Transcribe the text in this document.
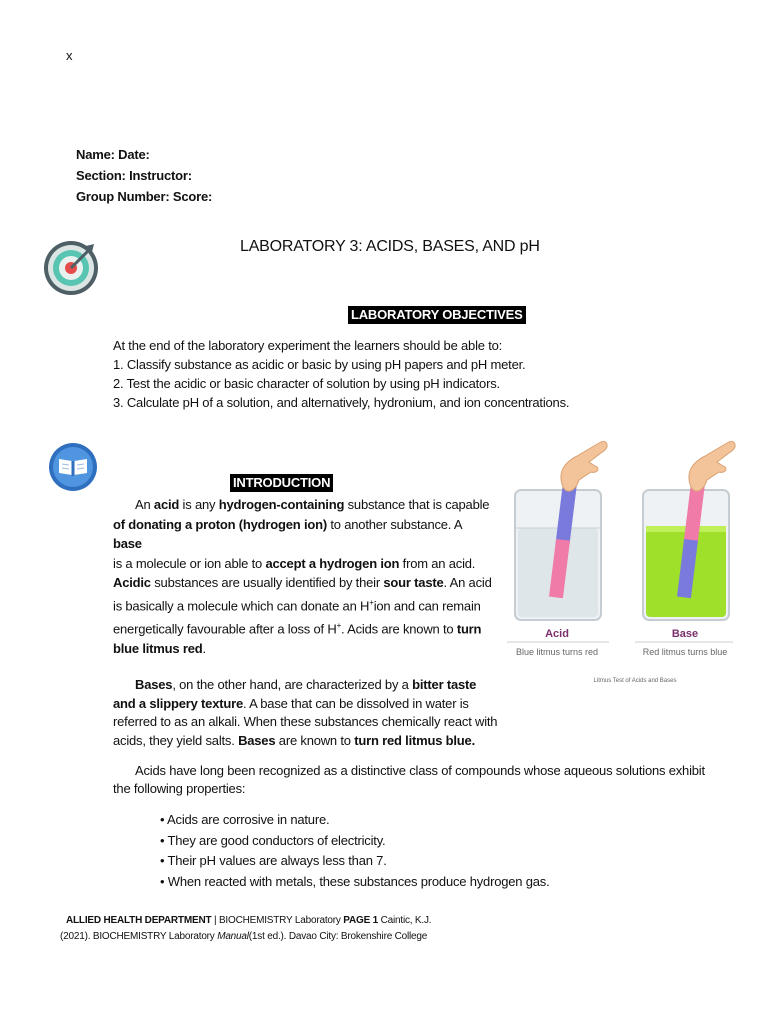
x
Name: Date:
Section: Instructor:
Group Number: Score:
LABORATORY 3: ACIDS, BASES, AND pH
LABORATORY OBJECTIVES
At the end of the laboratory experiment the learners should be able to:
1. Classify substance as acidic or basic by using pH papers and pH meter.
2. Test the acidic or basic character of solution by using pH indicators.
3. Calculate pH of a solution, and alternatively, hydronium, and ion concentrations.
INTRODUCTION

An acid is any hydrogen-containing substance that is capable of donating a proton (hydrogen ion) to another substance. A
base
is a molecule or ion able to accept a hydrogen ion from an acid.
Acidic substances are usually identified by their sour taste. An acid
is basically a molecule which can donate an H+ion and can remain energetically favourable after a loss of H+. Acids are known to turn blue litmus red.

Bases, on the other hand, are characterized by a bitter taste and a slippery texture. A base that can be dissolved in water is referred to as an alkali. When these substances chemically react with acids, they yield salts. Bases are known to turn red litmus blue.

Acid
Blue litmus turns red
Base
Red litmus turns blue
Litmus Test of Acids and Bases

Acids have long been recognized as a distinctive class of compounds whose aqueous solutions exhibit the following properties:

• Acids are corrosive in nature.
• They are good conductors of electricity.
• Their pH values are always less than 7.
• When reacted with metals, these substances produce hydrogen gas.
ALLIED HEALTH DEPARTMENT | BIOCHEMISTRY Laboratory PAGE 1 Caintic, K.J.
(2021). BIOCHEMISTRY Laboratory Manual(1st ed.). Davao City: Brokenshire College
